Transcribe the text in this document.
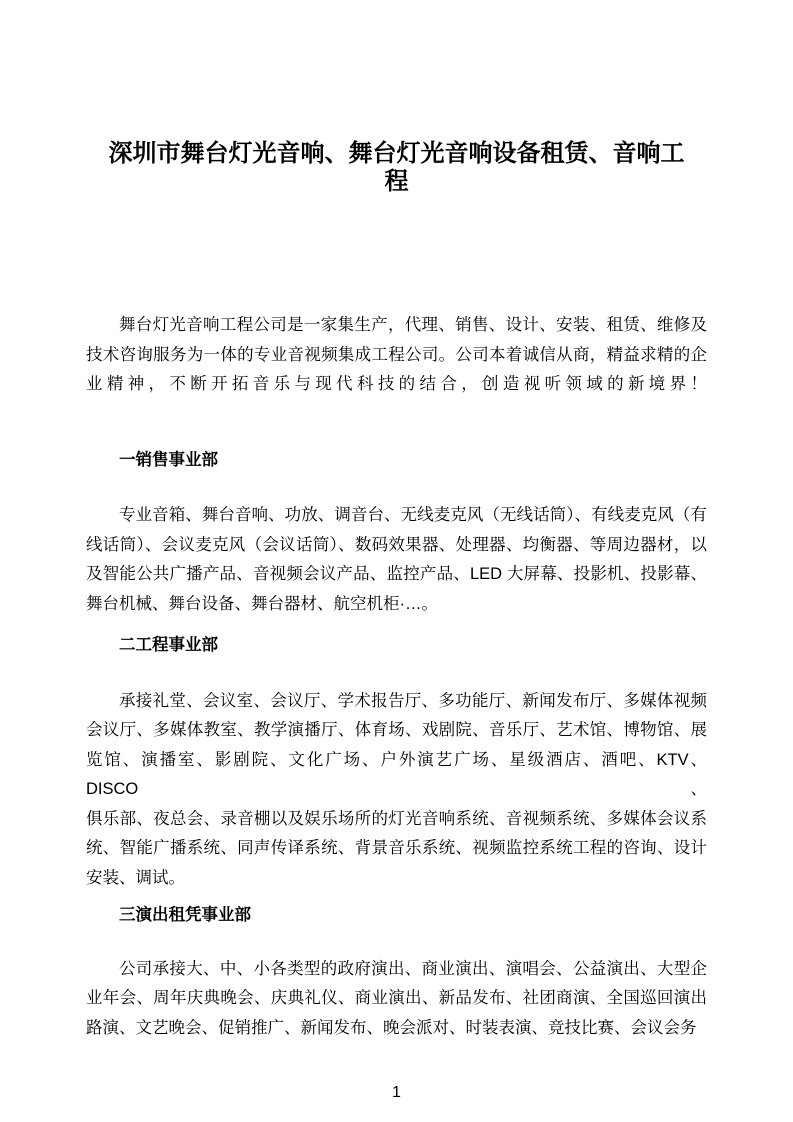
深圳市舞台灯光音响、舞台灯光音响设备租赁、音响工
程
舞台灯光音响工程公司是一家集生产，代理、销售、设计、安装、租赁、维修及
技术咨询服务为一体的专业音视频集成工程公司。公司本着诚信从商，精益求精的企
业精神，不断开拓音乐与现代科技的结合，创造视听领域的新境界！
一销售事业部
专业音箱、舞台音响、功放、调音台、无线麦克风（无线话筒）、有线麦克风（有
线话筒）、会议麦克风（会议话筒）、数码效果器、处理器、均衡器、等周边器材，以
及智能公共广播产品、音视频会议产品、监控产品、LED 大屏幕、投影机、投影幕、
舞台机械、舞台设备、舞台器材、航空机柜·…。
二工程事业部
承接礼堂、会议室、会议厅、学术报告厅、多功能厅、新闻发布厅、多媒体视频
会议厅、多媒体教室、教学演播厅、体育场、戏剧院、音乐厅、艺术馆、博物馆、展
览馆、演播室、影剧院、文化广场、户外演艺广场、星级酒店、酒吧、KTV、DISCO、
俱乐部、夜总会、录音棚以及娱乐场所的灯光音响系统、音视频系统、多媒体会议系
统、智能广播系统、同声传译系统、背景音乐系统、视频监控系统工程的咨询、设计
安装、调试。
三演出租凭事业部
公司承接大、中、小各类型的政府演出、商业演出、演唱会、公益演出、大型企
业年会、周年庆典晚会、庆典礼仪、商业演出、新品发布、社团商演、全国巡回演出
路演、文艺晚会、促销推广、新闻发布、晚会派对、时装表演、竞技比赛、会议会务
1
